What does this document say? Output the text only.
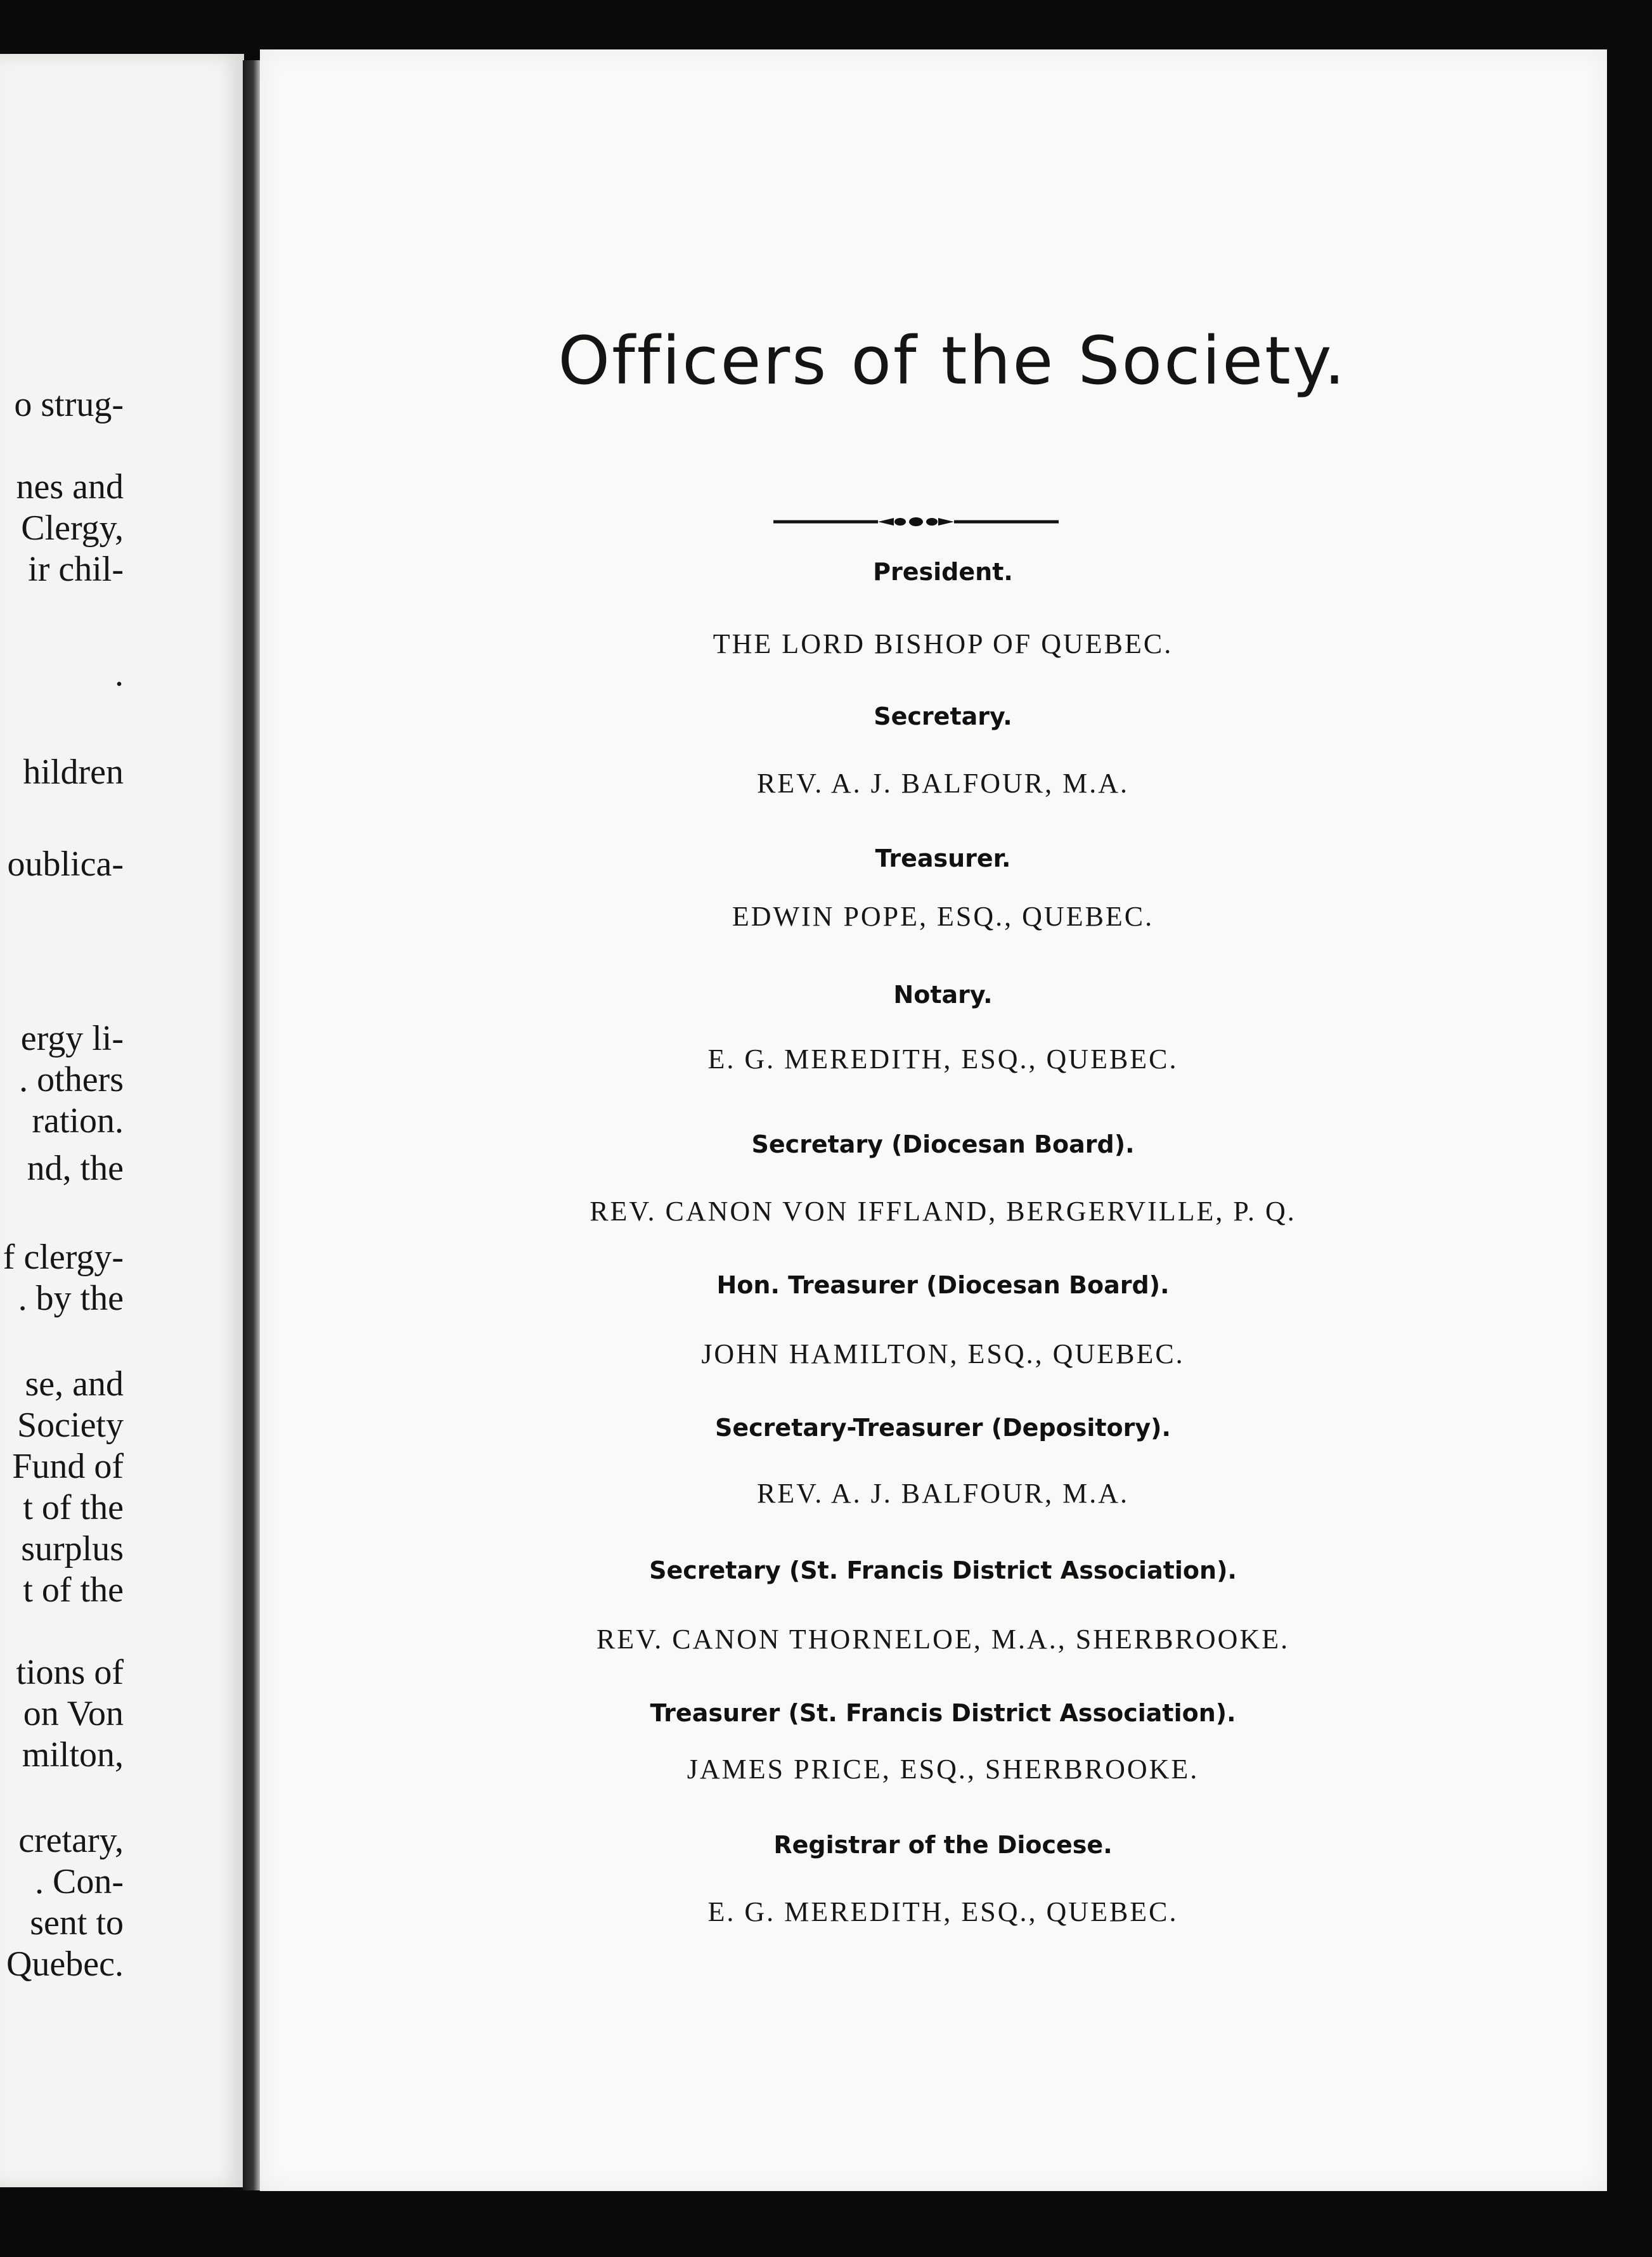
o strug-
nes and
Clergy,
ir chil-
.
hildren
oublica-
ergy li-
. others
ration.
nd, the
f clergy-
. by the
se, and
Society
Fund of
t of the
surplus
t of the
tions of
on Von
milton,
cretary,
. Con-
sent to
Quebec.
Officers of the Society.
President.
THE LORD BISHOP OF QUEBEC.
Secretary.
REV. A. J. BALFOUR, M.A.
Treasurer.
EDWIN POPE, ESQ., QUEBEC.
Notary.
E. G. MEREDITH, ESQ., QUEBEC.
Secretary (Diocesan Board).
REV. CANON VON IFFLAND, BERGERVILLE, P. Q.
Hon. Treasurer (Diocesan Board).
JOHN HAMILTON, ESQ., QUEBEC.
Secretary-Treasurer (Depository).
REV. A. J. BALFOUR, M.A.
Secretary (St. Francis District Association).
REV. CANON THORNELOE, M.A., SHERBROOKE.
Treasurer (St. Francis District Association).
JAMES PRICE, ESQ., SHERBROOKE.
Registrar of the Diocese.
E. G. MEREDITH, ESQ., QUEBEC.
